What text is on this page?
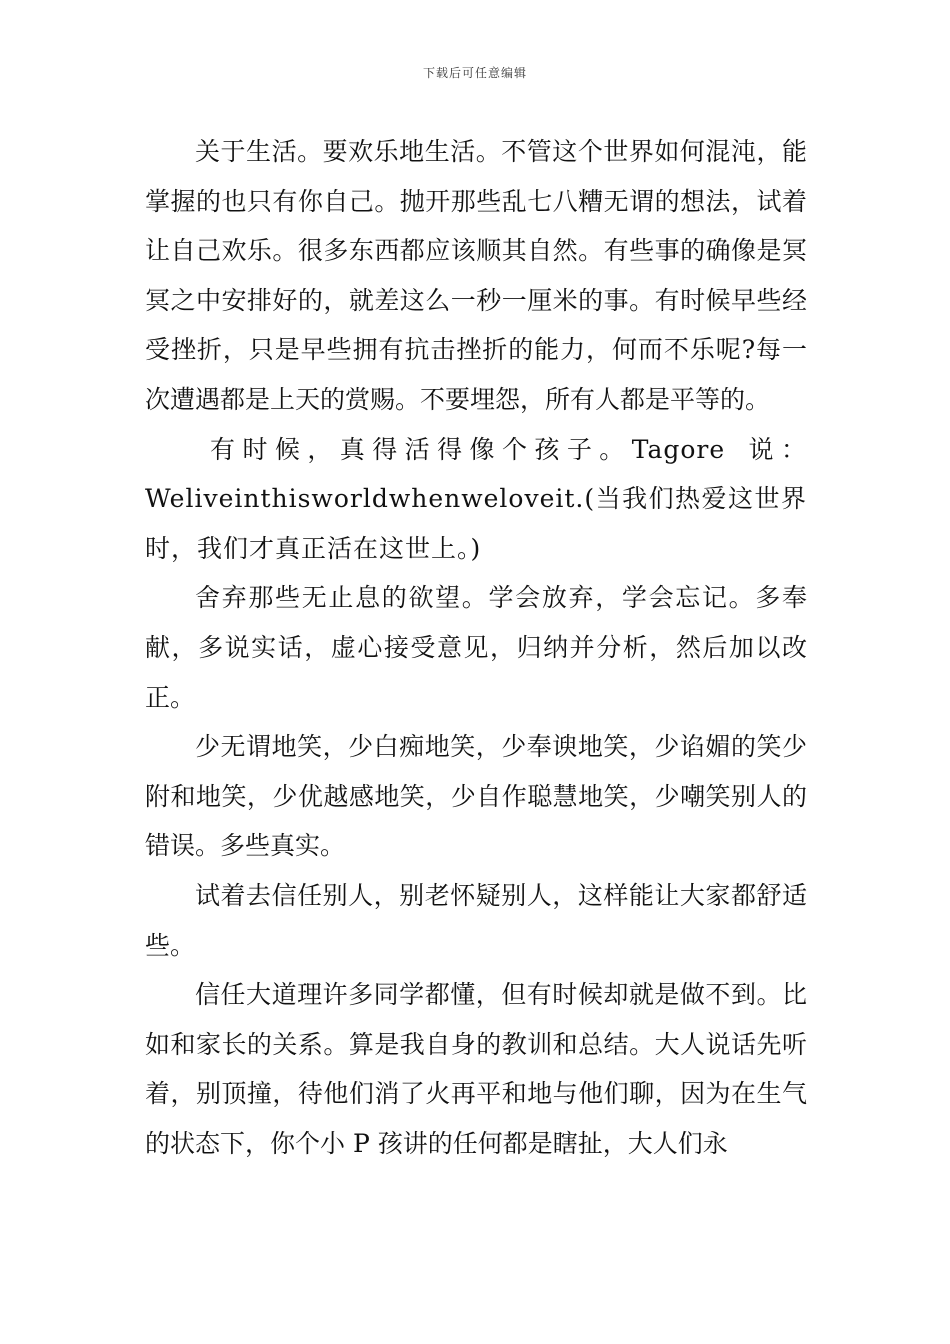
下载后可任意编辑

关于生活。要欢乐地生活。不管这个世界如何混沌，能掌握的也只有你自己。抛开那些乱七八糟无谓的想法，试着让自己欢乐。很多东西都应该顺其自然。有些事的确像是冥冥之中安排好的，就差这么一秒一厘米的事。有时候早些经受挫折，只是早些拥有抗击挫折的能力，何而不乐呢?每一次遭遇都是上天的赏赐。不要埋怨，所有人都是平等的。

有时候，真得活得像个孩子。Tagore 说：Weliveinthisworldwhenweloveit.(当我们热爱这世界时，我们才真正活在这世上。)

舍弃那些无止息的欲望。学会放弃，学会忘记。多奉献，多说实话，虚心接受意见，归纳并分析，然后加以改正。

少无谓地笑，少白痴地笑，少奉谀地笑，少谄媚的笑少附和地笑，少优越感地笑，少自作聪慧地笑，少嘲笑别人的错误。多些真实。

试着去信任别人，别老怀疑别人，这样能让大家都舒适些。

信任大道理许多同学都懂，但有时候却就是做不到。比如和家长的关系。算是我自身的教训和总结。大人说话先听着，别顶撞，待他们消了火再平和地与他们聊，因为在生气的状态下，你个小 P 孩讲的任何都是瞎扯，大人们永
